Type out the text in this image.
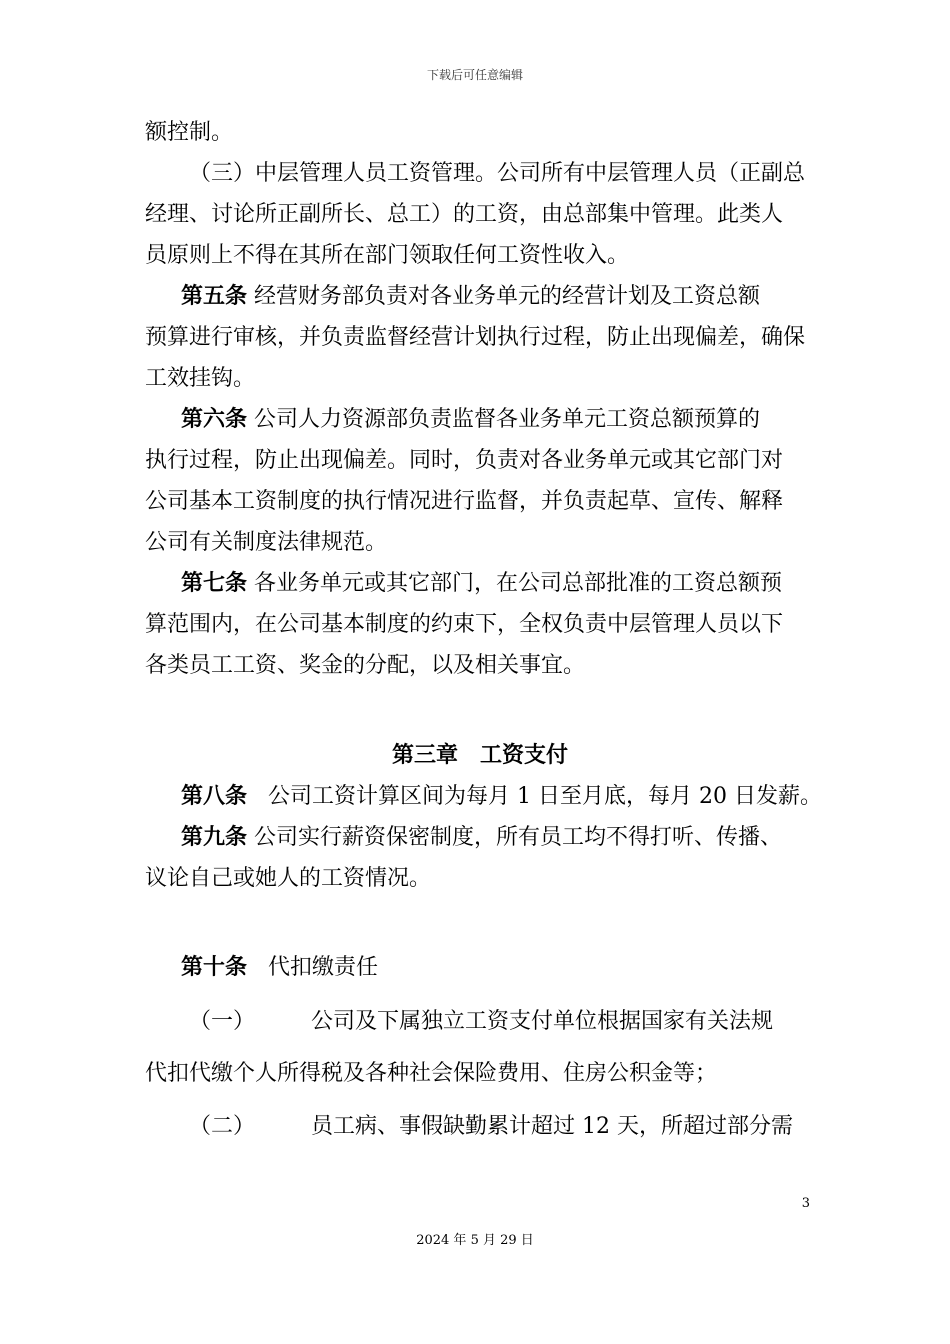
下载后可任意编辑
额控制。
（三）中层管理人员工资管理。公司所有中层管理人员（正副总
经理、讨论所正副所长、总工）的工资，由总部集中管理。此类人
员原则上不得在其所在部门领取任何工资性收入。
第五条 经营财务部负责对各业务单元的经营计划及工资总额
预算进行审核，并负责监督经营计划执行过程，防止出现偏差，确保
工效挂钩。
第六条 公司人力资源部负责监督各业务单元工资总额预算的
执行过程，防止出现偏差。同时，负责对各业务单元或其它部门对
公司基本工资制度的执行情况进行监督，并负责起草、宣传、解释
公司有关制度法律规范。
第七条 各业务单元或其它部门，在公司总部批准的工资总额预
算范围内，在公司基本制度的约束下，全权负责中层管理人员以下
各类员工工资、奖金的分配，以及相关事宜。
第三章　工资支付
第八条 公司工资计算区间为每月 1 日至月底，每月 20 日发薪。
第九条 公司实行薪资保密制度，所有员工均不得打听、传播、
议论自己或她人的工资情况。
第十条 代扣缴责任
（一）	公司及下属独立工资支付单位根据国家有关法规
代扣代缴个人所得税及各种社会保险费用、住房公积金等；
（二）	员工病、事假缺勤累计超过 12 天，所超过部分需
3
2024 年 5 月 29 日
